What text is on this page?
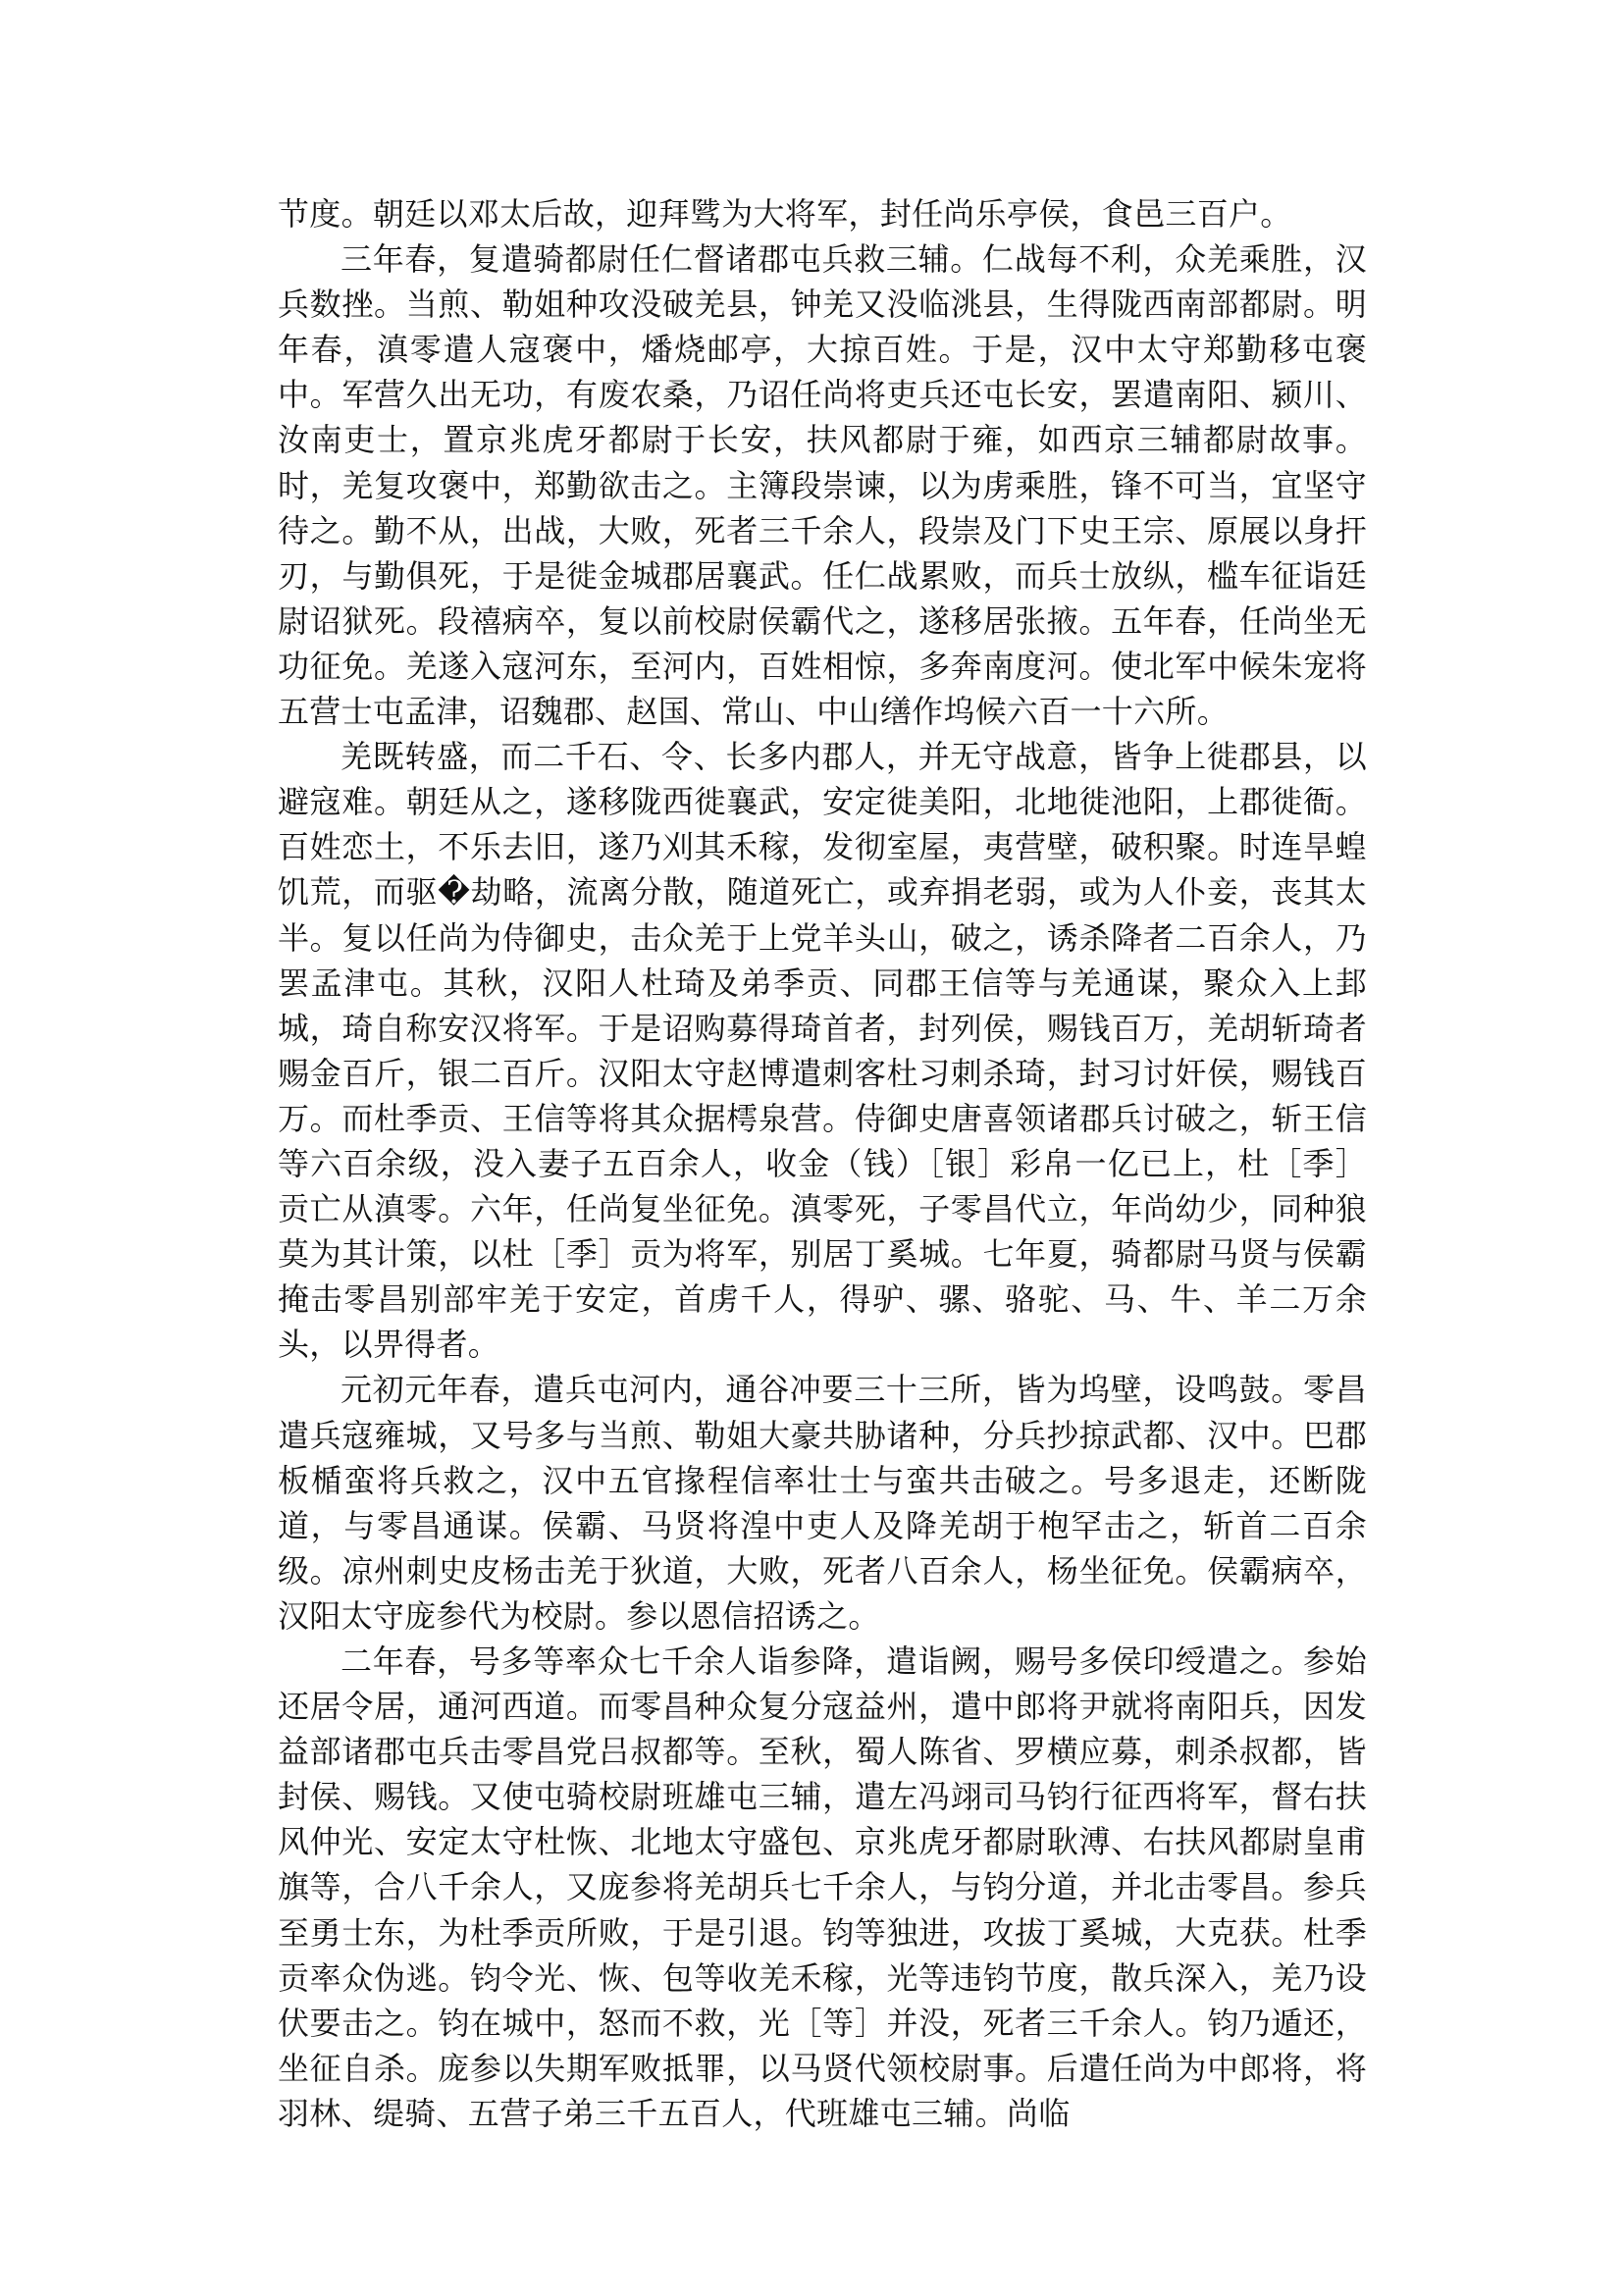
节度。朝廷以邓太后故，迎拜骘为大将军，封任尚乐亭侯，食邑三百户。

三年春，复遣骑都尉任仁督诸郡屯兵救三辅。仁战每不利，众羌乘胜，汉兵数挫。当煎、勒姐种攻没破羌县，钟羌又没临洮县，生得陇西南部都尉。明年春，滇零遣人寇褒中，燔烧邮亭，大掠百姓。于是，汉中太守郑勤移屯褒中。军营久出无功，有废农桑，乃诏任尚将吏兵还屯长安，罢遣南阳、颍川、汝南吏士，置京兆虎牙都尉于长安，扶风都尉于雍，如西京三辅都尉故事。时，羌复攻褒中，郑勤欲击之。主簿段崇谏，以为虏乘胜，锋不可当，宜坚守待之。勤不从，出战，大败，死者三千余人，段崇及门下史王宗、原展以身扞刃，与勤俱死，于是徙金城郡居襄武。任仁战累败，而兵士放纵，槛车征诣廷尉诏狱死。段禧病卒，复以前校尉侯霸代之，遂移居张掖。五年春，任尚坐无功征免。羌遂入寇河东，至河内，百姓相惊，多奔南度河。使北军中候朱宠将五营士屯孟津，诏魏郡、赵国、常山、中山缮作坞候六百一十六所。

羌既转盛，而二千石、令、长多内郡人，并无守战意，皆争上徙郡县，以避寇难。朝廷从之，遂移陇西徙襄武，安定徙美阳，北地徙池阳，上郡徙衙。百姓恋土，不乐去旧，遂乃刈其禾稼，发彻室屋，夷营壁，破积聚。时连旱蝗饥荒，而驱�劫略，流离分散，随道死亡，或弃捐老弱，或为人仆妾，丧其太半。复以任尚为侍御史，击众羌于上党羊头山，破之，诱杀降者二百余人，乃罢孟津屯。其秋，汉阳人杜琦及弟季贡、同郡王信等与羌通谋，聚众入上邽城，琦自称安汉将军。于是诏购募得琦首者，封列侯，赐钱百万，羌胡斩琦者赐金百斤，银二百斤。汉阳太守赵博遣刺客杜习刺杀琦，封习讨奸侯，赐钱百万。而杜季贡、王信等将其众据樗泉营。侍御史唐喜领诸郡兵讨破之，斩王信等六百余级，没入妻子五百余人，收金（钱）［银］彩帛一亿已上，杜［季］贡亡从滇零。六年，任尚复坐征免。滇零死，子零昌代立，年尚幼少，同种狼莫为其计策，以杜［季］贡为将军，别居丁奚城。七年夏，骑都尉马贤与侯霸掩击零昌别部牢羌于安定，首虏千人，得驴、骡、骆驼、马、牛、羊二万余头，以畀得者。

元初元年春，遣兵屯河内，通谷冲要三十三所，皆为坞壁，设鸣鼓。零昌遣兵寇雍城，又号多与当煎、勒姐大豪共胁诸种，分兵抄掠武都、汉中。巴郡板楯蛮将兵救之，汉中五官掾程信率壮士与蛮共击破之。号多退走，还断陇道，与零昌通谋。侯霸、马贤将湟中吏人及降羌胡于枹罕击之，斩首二百余级。凉州刺史皮杨击羌于狄道，大败，死者八百余人，杨坐征免。侯霸病卒，汉阳太守庞参代为校尉。参以恩信招诱之。

二年春，号多等率众七千余人诣参降，遣诣阙，赐号多侯印绶遣之。参始还居令居，通河西道。而零昌种众复分寇益州，遣中郎将尹就将南阳兵，因发益部诸郡屯兵击零昌党吕叔都等。至秋，蜀人陈省、罗横应募，刺杀叔都，皆封侯、赐钱。又使屯骑校尉班雄屯三辅，遣左冯翊司马钧行征西将军，督右扶风仲光、安定太守杜恢、北地太守盛包、京兆虎牙都尉耿溥、右扶风都尉皇甫旗等，合八千余人，又庞参将羌胡兵七千余人，与钧分道，并北击零昌。参兵至勇士东，为杜季贡所败，于是引退。钧等独进，攻拔丁奚城，大克获。杜季贡率众伪逃。钧令光、恢、包等收羌禾稼，光等违钧节度，散兵深入，羌乃设伏要击之。钧在城中，怒而不救，光［等］并没，死者三千余人。钧乃遁还，坐征自杀。庞参以失期军败抵罪，以马贤代领校尉事。后遣任尚为中郎将，将羽林、缇骑、五营子弟三千五百人，代班雄屯三辅。尚临
